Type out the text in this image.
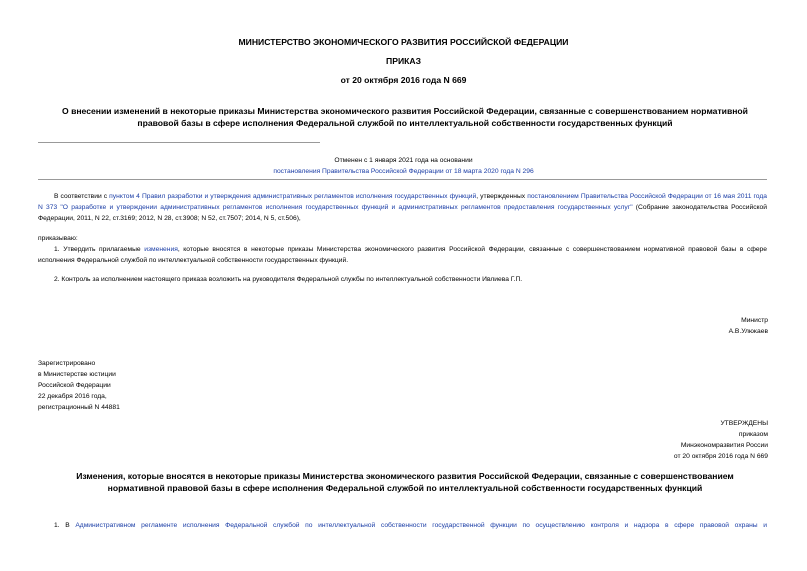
МИНИСТЕРСТВО ЭКОНОМИЧЕСКОГО РАЗВИТИЯ РОССИЙСКОЙ ФЕДЕРАЦИИ
ПРИКАЗ
от 20 октября 2016 года N 669
О внесении изменений в некоторые приказы Министерства экономического развития Российской Федерации, связанные с совершенствованием нормативной правовой базы в сфере исполнения Федеральной службой по интеллектуальной собственности государственных функций
Отменен с 1 января 2021 года на основании
постановления Правительства Российской Федерации от 18 марта 2020 года N 296
В соответствии с пунктом 4 Правил разработки и утверждения административных регламентов исполнения государственных функций, утвержденных постановлением Правительства Российской Федерации от 16 мая 2011 года N 373 "О разработке и утверждении административных регламентов исполнения государственных функций и административных регламентов предоставления государственных услуг" (Собрание законодательства Российской Федерации, 2011, N 22, ст.3169; 2012, N 28, ст.3908; N 52, ст.7507; 2014, N 5, ст.506),
приказываю:
1. Утвердить прилагаемые изменения, которые вносятся в некоторые приказы Министерства экономического развития Российской Федерации, связанные с совершенствованием нормативной правовой базы в сфере исполнения Федеральной службой по интеллектуальной собственности государственных функций.
2. Контроль за исполнением настоящего приказа возложить на руководителя Федеральной службы по интеллектуальной собственности Ивлиева Г.П.
Министр
А.В.Улюкаев
Зарегистрировано
в Министерстве юстиции
Российской Федерации
22 декабря 2016 года,
регистрационный N 44881
УТВЕРЖДЕНЫ
приказом
Минэкономразвития России
от 20 октября 2016 года N 669
Изменения, которые вносятся в некоторые приказы Министерства экономического развития Российской Федерации, связанные с совершенствованием нормативной правовой базы в сфере исполнения Федеральной службой по интеллектуальной собственности государственных функций
1. В Административном регламенте исполнения Федеральной службой по интеллектуальной собственности государственной функции по осуществлению контроля и надзора в сфере правовой охраны и
